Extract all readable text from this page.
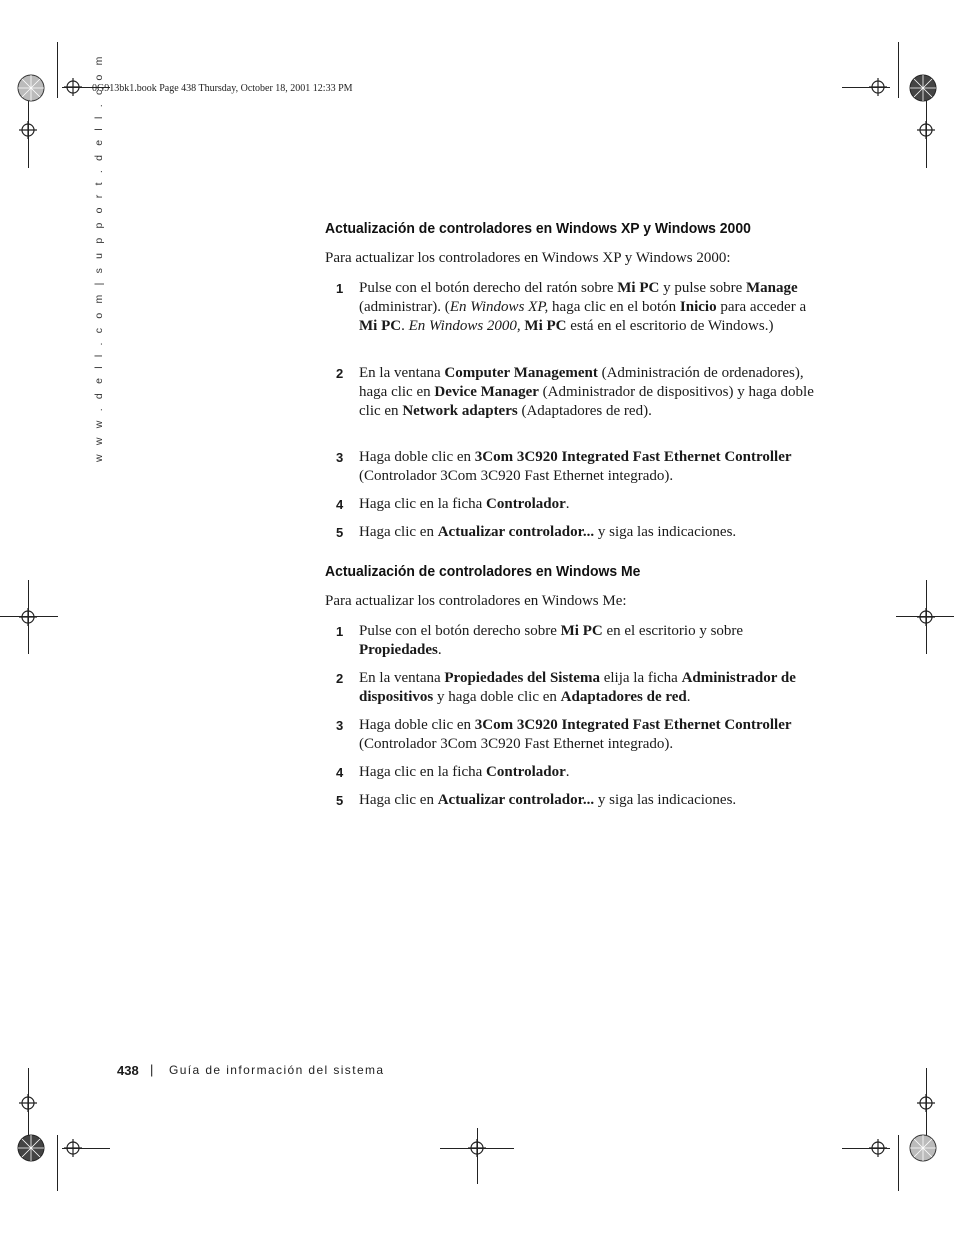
0G913bk1.book Page 438 Thursday, October 18, 2001 12:33 PM
w w w . d e l l . c o m | s u p p o r t . d e l l . c o m	Actualización de controladores en Windows XP y Windows 2000
Para actualizar los controladores en Windows XP y Windows 2000:
1 Pulse con el botón derecho del ratón sobre Mi PC y pulse sobre Manage (administrar). (En Windows XP, haga clic en el botón Inicio para acceder a Mi PC. En Windows 2000, Mi PC está en el escritorio de Windows.)
2 En la ventana Computer Management (Administración de ordenadores), haga clic en Device Manager (Administrador de dispositivos) y haga doble clic en Network adapters (Adaptadores de red).
3 Haga doble clic en 3Com 3C920 Integrated Fast Ethernet Controller (Controlador 3Com 3C920 Fast Ethernet integrado).
4 Haga clic en la ficha Controlador.
5 Haga clic en Actualizar controlador... y siga las indicaciones.
Actualización de controladores en Windows Me
Para actualizar los controladores en Windows Me:
1 Pulse con el botón derecho sobre Mi PC en el escritorio y sobre Propiedades.
2 En la ventana Propiedades del Sistema elija la ficha Administrador de dispositivos y haga doble clic en Adaptadores de red.
3 Haga doble clic en 3Com 3C920 Integrated Fast Ethernet Controller (Controlador 3Com 3C920 Fast Ethernet integrado).
4 Haga clic en la ficha Controlador.
5 Haga clic en Actualizar controlador... y siga las indicaciones.
438 | Guía de información del sistema
